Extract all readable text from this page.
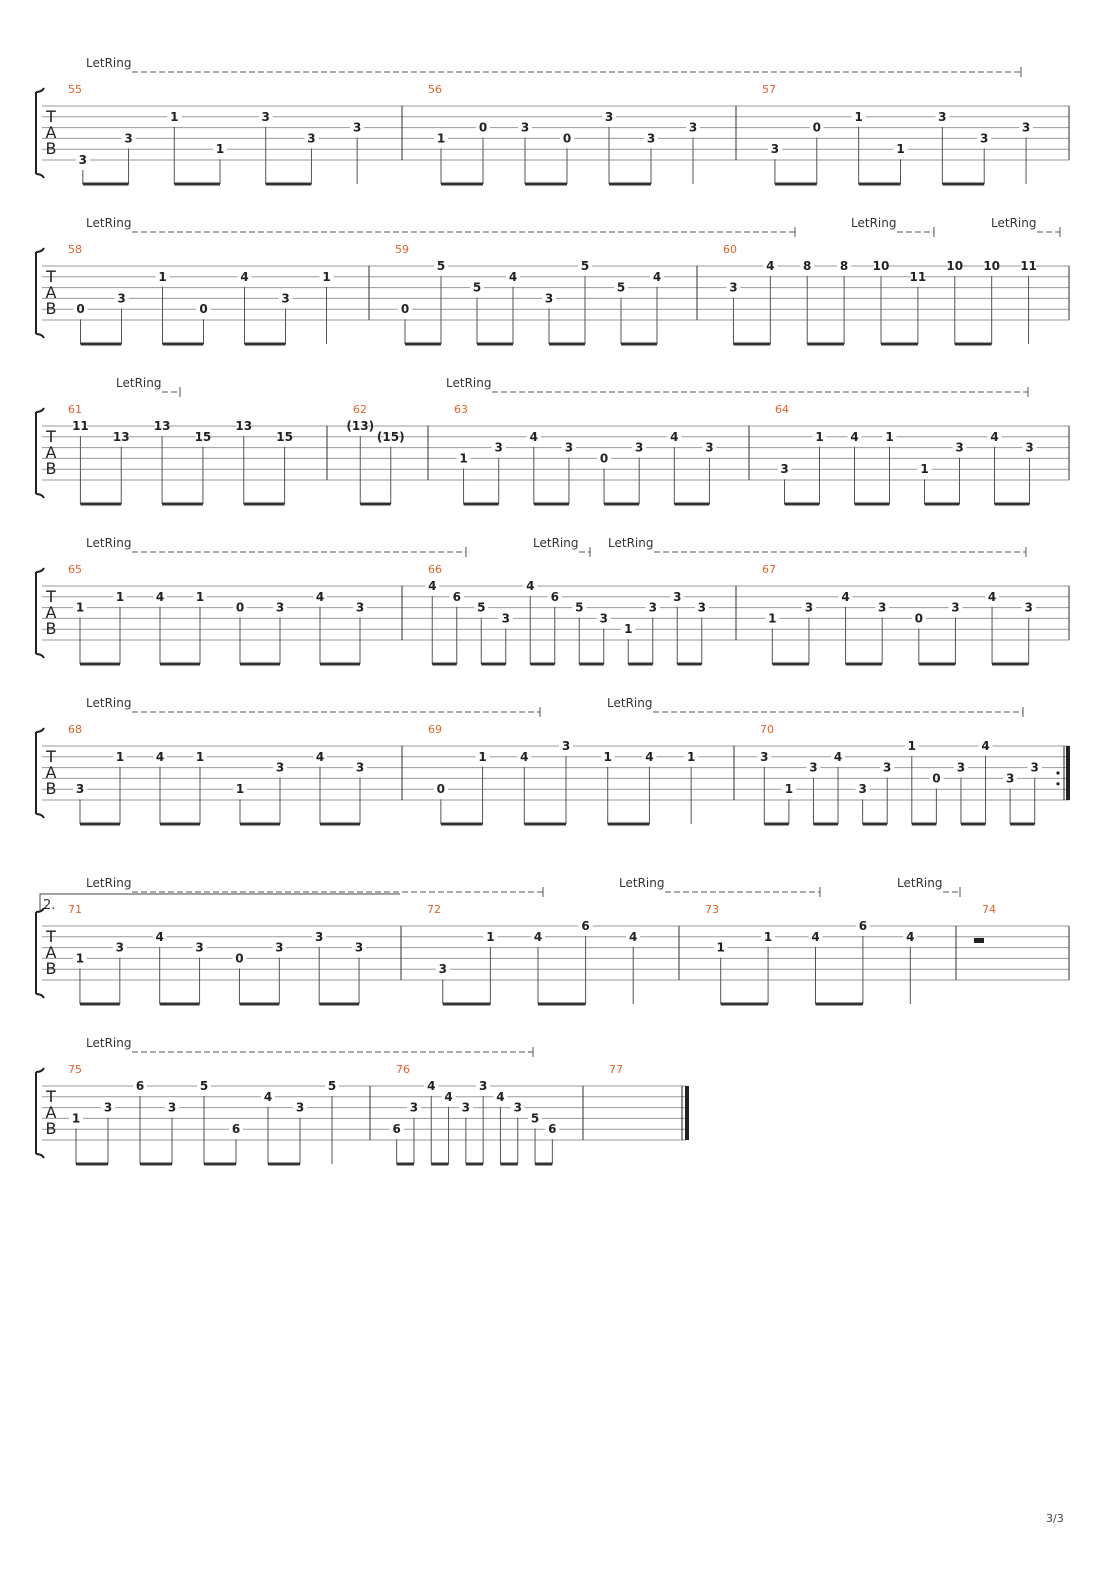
T
A
B
LetRing
55
3
3
1
1
3
3
3
56
1
0	3
0
3
3
3
57
3
0
1
1
3
3
3
T
A
B
LetRing	LetRing	LetRing
58
0
3
1
0
4
3
1
59
0
5
5
4
3
5
5
4
60
3
4 8 8 10
11
10 10 11
T
A
B
LetRing	LetRing
61
11
13
13
15
13
15
62
(13)
(15)
63
1
3
4
3
0
3
4
3
64
3
1 4 1
1
3
4
3
T
A
B
LetRing	LetRing LetRing
65
1
1	4	1
0	3
4
3
66
4
6
5
3
4
6
5
3
1
3
3
3
67
1
3
4
3
0
3
4
3
T
A
B
LetRing	LetRing
68
3
1	4	1
1
3
4
3
69
0
1	4
3
1	4	1
70
3
1
3
4
3
3
1
0
3
4
3
3
T
A
B
LetRing	LetRing	LetRing
2. 71
1
3
4
3
0
3
3
3
72
3
1	4
6
4
73
1
1	4
6
4
74
T
A
B
LetRing
75
1
3
6
3
5
6
4
3
5
76
6
3
4
4
3
3
4
3
5
6
77
3/3
